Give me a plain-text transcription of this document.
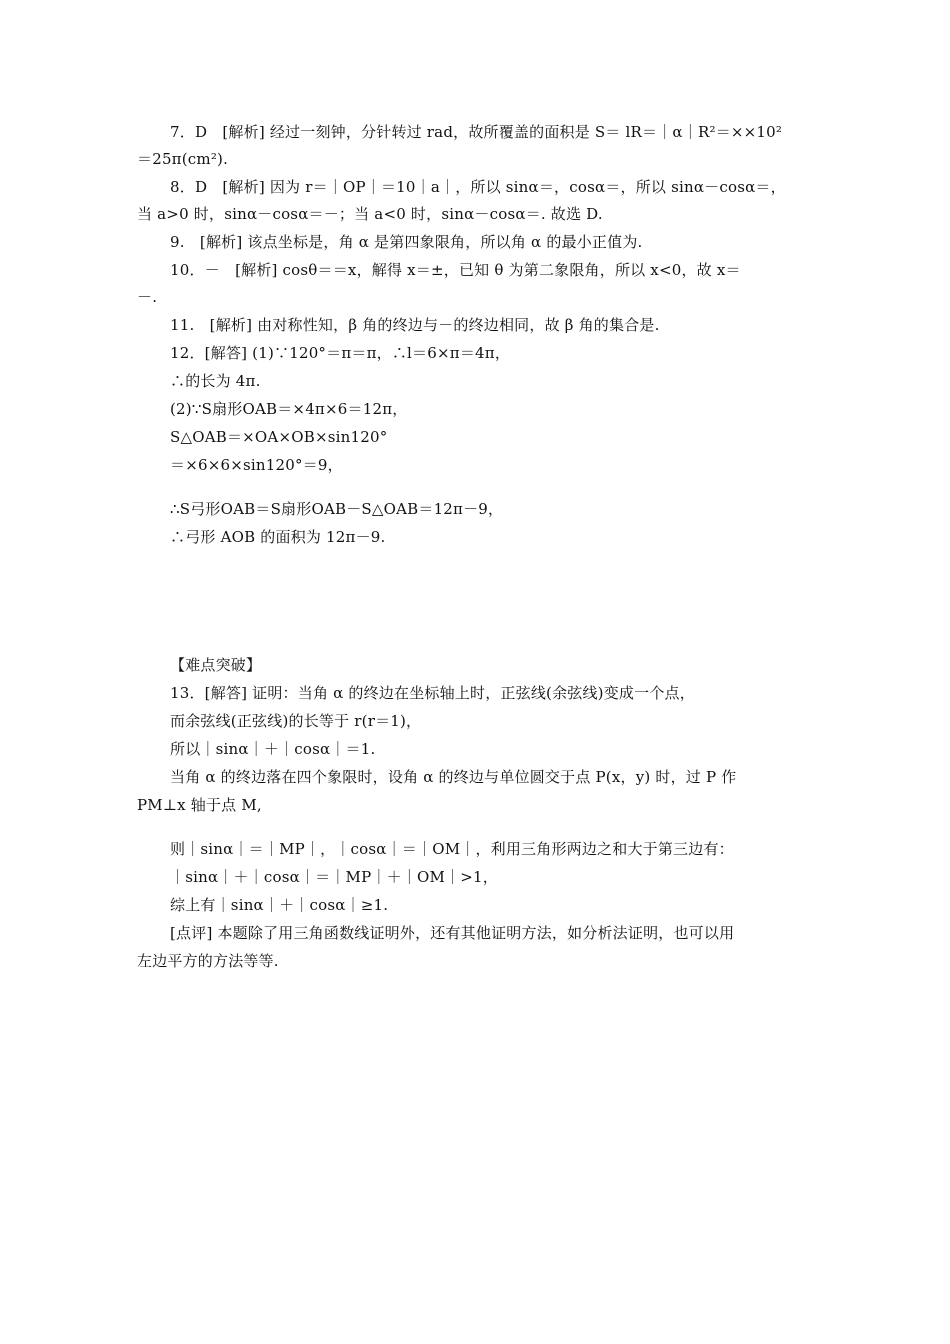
7．D　[解析] 经过一刻钟，分针转过 rad，故所覆盖的面积是 S＝ lR＝｜α｜R²＝××10²
＝25π(cm²).
8．D　[解析] 因为 r＝｜OP｜＝10｜a｜，所以 sinα＝，cosα＝，所以 sinα－cosα＝，
当 a>0 时，sinα－cosα＝－；当 a<0 时，sinα－cosα＝. 故选 D.
9.　[解析] 该点坐标是，角 α 是第四象限角，所以角 α 的最小正值为.
10．－　[解析] cosθ＝＝x，解得 x＝±，已知 θ 为第二象限角，所以 x<0，故 x＝
－.
11.　[解析] 由对称性知，β 角的终边与－的终边相同，故 β 角的集合是.
12．[解答] (1)∵120°＝π＝π，∴l＝6×π＝4π，
∴的长为 4π.
(2)∵S扇形OAB＝×4π×6＝12π，
S△OAB＝×OA×OB×sin120°
＝×6×6×sin120°＝9，
∴S弓形OAB＝S扇形OAB－S△OAB＝12π－9，
∴弓形 AOB 的面积为 12π－9.
【难点突破】
13．[解答] 证明：当角 α 的终边在坐标轴上时，正弦线(余弦线)变成一个点，
而余弦线(正弦线)的长等于 r(r＝1)，
所以｜sinα｜＋｜cosα｜＝1.
当角 α 的终边落在四个象限时，设角 α 的终边与单位圆交于点 P(x，y) 时，过 P 作
PM⊥x 轴于点 M,
则｜sinα｜＝｜MP｜，｜cosα｜＝｜OM｜，利用三角形两边之和大于第三边有：
｜sinα｜＋｜cosα｜＝｜MP｜＋｜OM｜>1，
综上有｜sinα｜＋｜cosα｜≥1.
[点评] 本题除了用三角函数线证明外，还有其他证明方法，如分析法证明，也可以用
左边平方的方法等等.
